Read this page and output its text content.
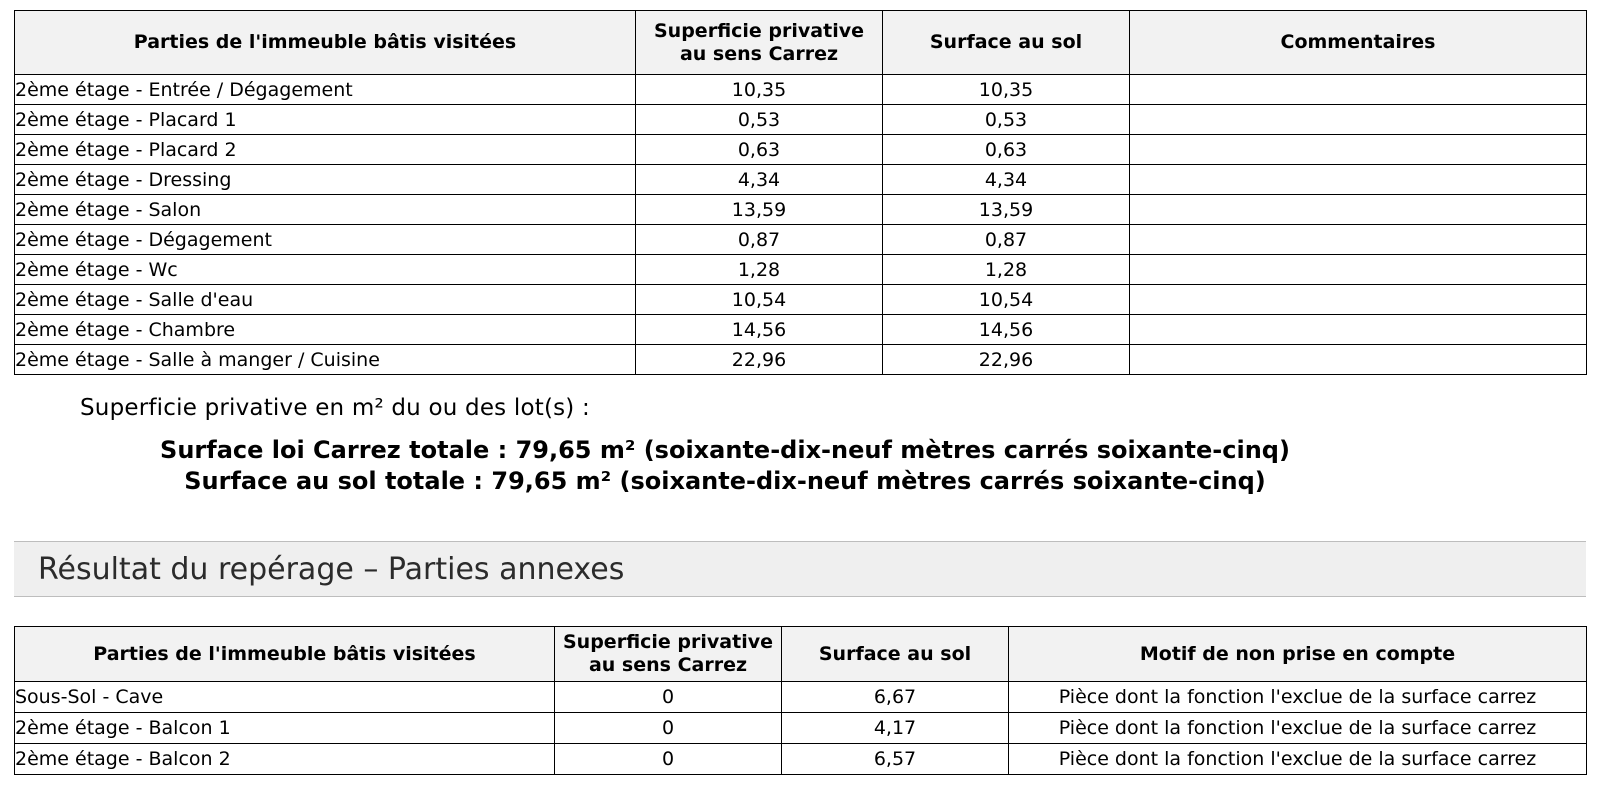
Parties de l'immeuble bâtis visitées	Superficie privative au sens Carrez	Surface au sol	Commentaires
2ème étage - Entrée / Dégagement	10,35	10,35	
2ème étage - Placard 1	0,53	0,53	
2ème étage - Placard 2	0,63	0,63	
2ème étage - Dressing	4,34	4,34	
2ème étage - Salon	13,59	13,59	
2ème étage - Dégagement	0,87	0,87	
2ème étage - Wc	1,28	1,28	
2ème étage - Salle d'eau	10,54	10,54	
2ème étage - Chambre	14,56	14,56	
2ème étage - Salle à manger / Cuisine	22,96	22,96	
Superficie privative en m² du ou des lot(s) :
Surface loi Carrez totale : 79,65 m² (soixante-dix-neuf mètres carrés soixante-cinq)
Surface au sol totale : 79,65 m² (soixante-dix-neuf mètres carrés soixante-cinq)
Résultat du repérage – Parties annexes
Parties de l'immeuble bâtis visitées	Superficie privative au sens Carrez	Surface au sol	Motif de non prise en compte
Sous-Sol - Cave	0	6,67	Pièce dont la fonction l'exclue de la surface carrez
2ème étage - Balcon 1	0	4,17	Pièce dont la fonction l'exclue de la surface carrez
2ème étage - Balcon 2	0	6,57	Pièce dont la fonction l'exclue de la surface carrez
